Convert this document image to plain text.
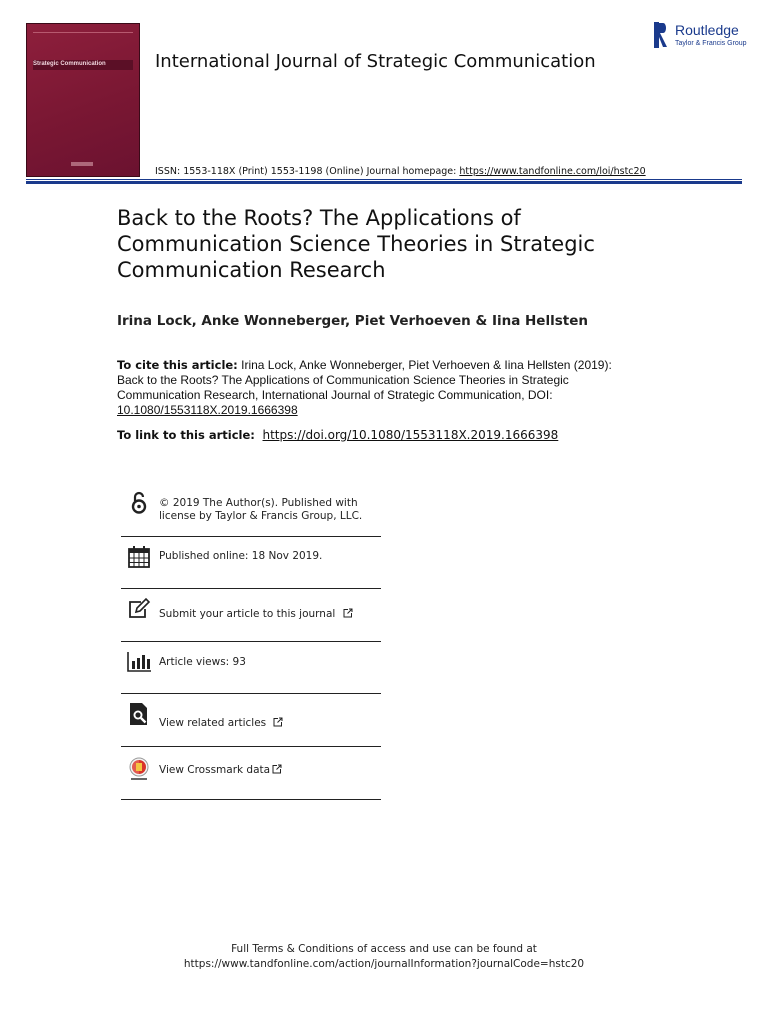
Strategic Communication	International Journal of Strategic Communication
Routledge
Taylor & Francis Group
ISSN: 1553-118X (Print) 1553-1198 (Online) Journal homepage: https://www.tandfonline.com/loi/hstc20
Back to the Roots? The Applications of Communication Science Theories in Strategic Communication Research
Irina Lock, Anke Wonneberger, Piet Verhoeven & Iina Hellsten
To cite this article: Irina Lock, Anke Wonneberger, Piet Verhoeven & Iina Hellsten (2019): Back to the Roots? The Applications of Communication Science Theories in Strategic Communication Research, International Journal of Strategic Communication, DOI: 10.1080/1553118X.2019.1666398
To link to this article: https://doi.org/10.1080/1553118X.2019.1666398
© 2019 The Author(s). Published with
license by Taylor & Francis Group, LLC.
Published online: 18 Nov 2019.
Submit your article to this journal
Article views: 93
View related articles
View Crossmark data
Full Terms & Conditions of access and use can be found at
https://www.tandfonline.com/action/journalInformation?journalCode=hstc20
